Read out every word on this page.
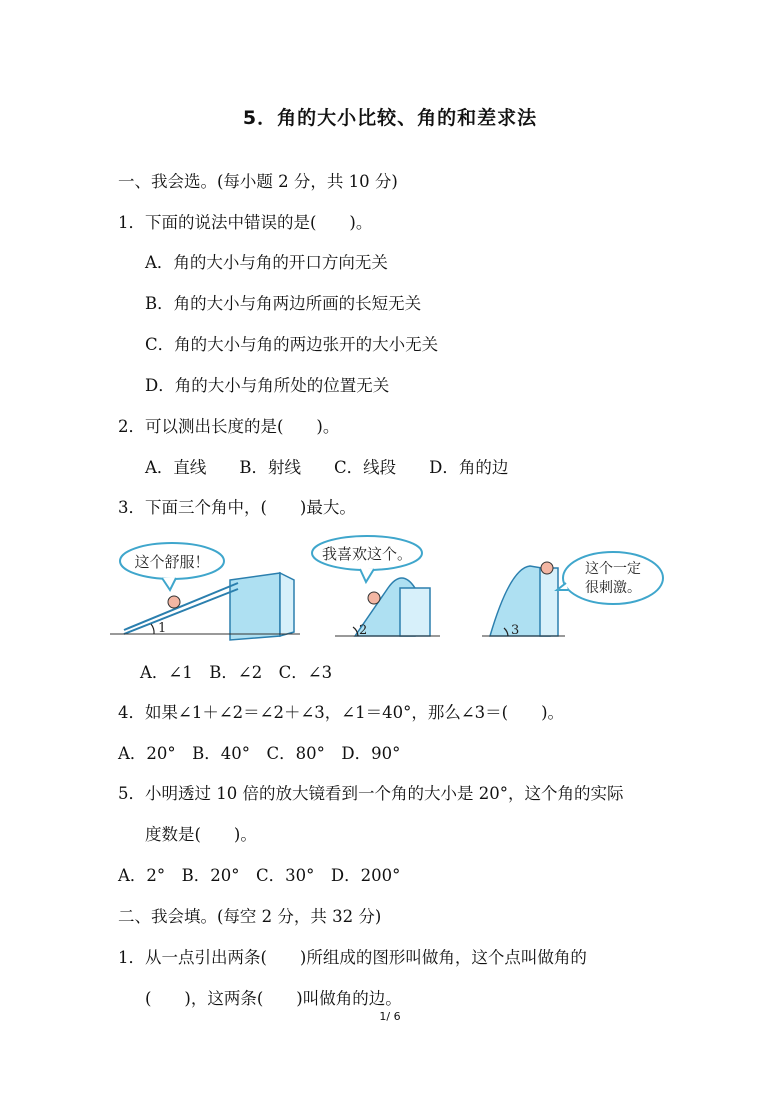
5．角的大小比较、角的和差求法
一、我会选。(每小题 2 分，共 10 分)
1．下面的说法中错误的是(　　)。
A．角的大小与角的开口方向无关
B．角的大小与角两边所画的长短无关
C．角的大小与角的两边张开的大小无关
D．角的大小与角所处的位置无关
2．可以测出长度的是(　　)。
A．直线　　B．射线　　C．线段　　D．角的边
3．下面三个角中，(　　)最大。
这个舒服！
1
我喜欢这个。
2	3
这个一定
很刺激。
A．∠1　B．∠2　C．∠3
4．如果∠1＋∠2＝∠2＋∠3，∠1＝40°，那么∠3＝(　　)。
A．20°　B．40°　C．80°　D．90°
5．小明透过 10 倍的放大镜看到一个角的大小是 20°，这个角的实际
度数是(　　)。
A．2°　B．20°　C．30°　D．200°
二、我会填。(每空 2 分，共 32 分)
1．从一点引出两条(　　)所组成的图形叫做角，这个点叫做角的
(　　)，这两条(　　)叫做角的边。
1/ 6
